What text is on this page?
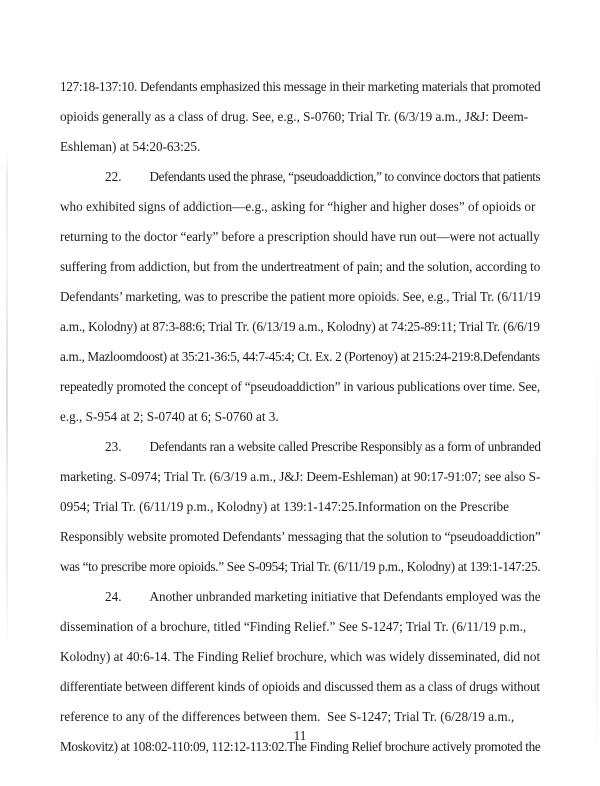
127:18-137:10. Defendants emphasized this message in their marketing materials that promoted
opioids generally as a class of drug. See, e.g., S-0760; Trial Tr. (6/3/19 a.m., J&J: Deem-
Eshleman) at 54:20-63:25.
22. Defendants used the phrase, “pseudoaddiction,” to convince doctors that patients
who exhibited signs of addiction—e.g., asking for “higher and higher doses” of opioids or
returning to the doctor “early” before a prescription should have run out—were not actually
suffering from addiction, but from the undertreatment of pain; and the solution, according to
Defendants’ marketing, was to prescribe the patient more opioids. See, e.g., Trial Tr. (6/11/19
a.m., Kolodny) at 87:3-88:6; Trial Tr. (6/13/19 a.m., Kolodny) at 74:25-89:11; Trial Tr. (6/6/19
a.m., Mazloomdoost) at 35:21-36:5, 44:7-45:4; Ct. Ex. 2 (Portenoy) at 215:24-219:8.Defendants
repeatedly promoted the concept of “pseudoaddiction” in various publications over time. See,
e.g., S-954 at 2; S-0740 at 6; S-0760 at 3.
23. Defendants ran a website called Prescribe Responsibly as a form of unbranded
marketing. S-0974; Trial Tr. (6/3/19 a.m., J&J: Deem-Eshleman) at 90:17-91:07; see also S-
0954; Trial Tr. (6/11/19 p.m., Kolodny) at 139:1-147:25.Information on the Prescribe
Responsibly website promoted Defendants’ messaging that the solution to “pseudoaddiction”
was “to prescribe more opioids.” See S-0954; Trial Tr. (6/11/19 p.m., Kolodny) at 139:1-147:25.
24. Another unbranded marketing initiative that Defendants employed was the
dissemination of a brochure, titled “Finding Relief.” See S-1247; Trial Tr. (6/11/19 p.m.,
Kolodny) at 40:6-14. The Finding Relief brochure, which was widely disseminated, did not
differentiate between different kinds of opioids and discussed them as a class of drugs without
reference to any of the differences between them.  See S-1247; Trial Tr. (6/28/19 a.m.,
Moskovitz) at 108:02-110:09, 112:12-113:02.The Finding Relief brochure actively promoted the
11
